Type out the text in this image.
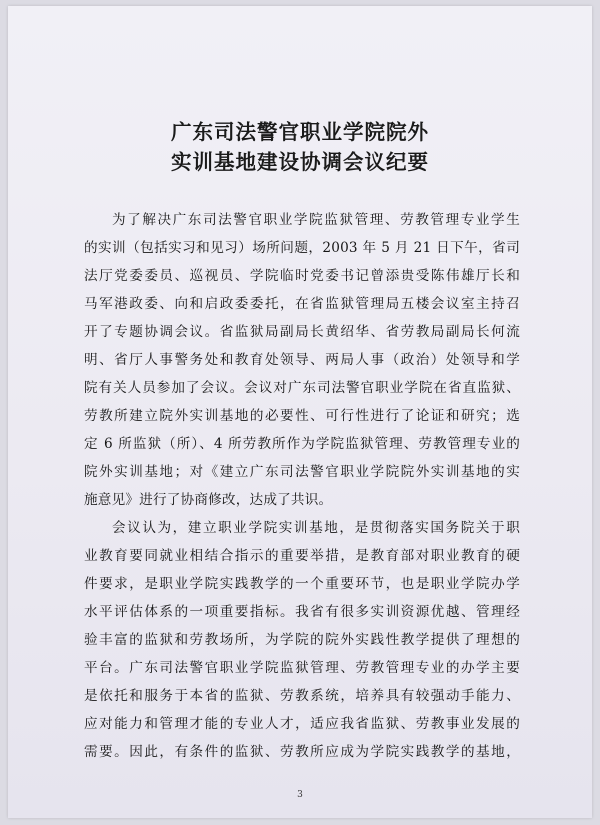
广东司法警官职业学院院外
实训基地建设协调会议纪要
为了解决广东司法警官职业学院监狱管理、劳教管理专业学生
的实训（包括实习和见习）场所问题，2003 年 5 月 21 日下午，省司
法厅党委委员、巡视员、学院临时党委书记曾添贵受陈伟雄厅长和
马军港政委、向和启政委委托，在省监狱管理局五楼会议室主持召
开了专题协调会议。省监狱局副局长黄绍华、省劳教局副局长何流
明、省厅人事警务处和教育处领导、两局人事（政治）处领导和学
院有关人员参加了会议。会议对广东司法警官职业学院在省直监狱、
劳教所建立院外实训基地的必要性、可行性进行了论证和研究；选
定 6 所监狱（所）、4 所劳教所作为学院监狱管理、劳教管理专业的
院外实训基地；对《建立广东司法警官职业学院院外实训基地的实
施意见》进行了协商修改，达成了共识。
会议认为，建立职业学院实训基地，是贯彻落实国务院关于职
业教育要同就业相结合指示的重要举措，是教育部对职业教育的硬
件要求，是职业学院实践教学的一个重要环节，也是职业学院办学
水平评估体系的一项重要指标。我省有很多实训资源优越、管理经
验丰富的监狱和劳教场所，为学院的院外实践性教学提供了理想的
平台。广东司法警官职业学院监狱管理、劳教管理专业的办学主要
是依托和服务于本省的监狱、劳教系统，培养具有较强动手能力、
应对能力和管理才能的专业人才，适应我省监狱、劳教事业发展的
需要。因此，有条件的监狱、劳教所应成为学院实践教学的基地，
3
